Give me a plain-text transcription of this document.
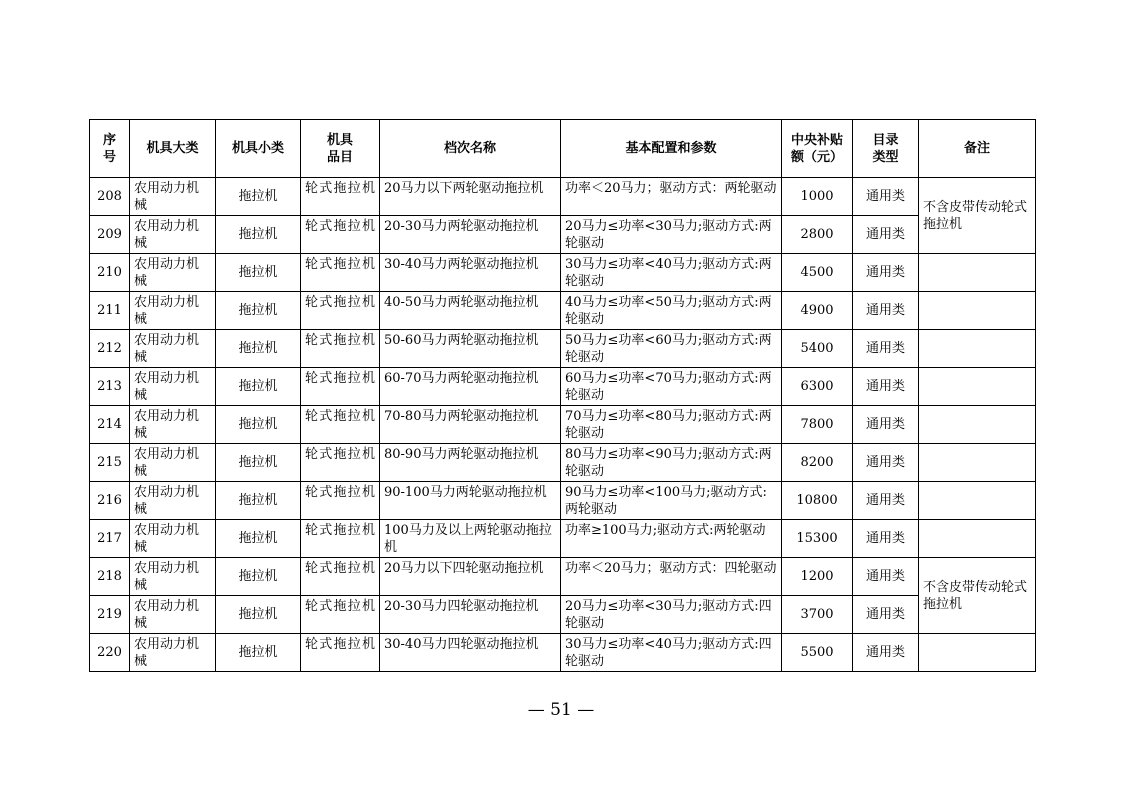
序号	机具大类	机具小类	机具品目	档次名称	基本配置和参数	中央补贴额（元）	目录类型	备注

208	农用动力机械	拖拉机	轮式拖拉机	20马力以下两轮驱动拖拉机	功率＜20马力；驱动方式：两轮驱动	1000	通用类	不含皮带传动轮式拖拉机

209	农用动力机械	拖拉机	轮式拖拉机	20-30马力两轮驱动拖拉机	20马力≤功率<30马力;驱动方式:两轮驱动	2800	通用类	

210	农用动力机械	拖拉机	轮式拖拉机	30-40马力两轮驱动拖拉机	30马力≤功率<40马力;驱动方式:两轮驱动	4500	通用类	

211	农用动力机械	拖拉机	轮式拖拉机	40-50马力两轮驱动拖拉机	40马力≤功率<50马力;驱动方式:两轮驱动	4900	通用类	

212	农用动力机械	拖拉机	轮式拖拉机	50-60马力两轮驱动拖拉机	50马力≤功率<60马力;驱动方式:两轮驱动	5400	通用类	

213	农用动力机械	拖拉机	轮式拖拉机	60-70马力两轮驱动拖拉机	60马力≤功率<70马力;驱动方式:两轮驱动	6300	通用类	

214	农用动力机械	拖拉机	轮式拖拉机	70-80马力两轮驱动拖拉机	70马力≤功率<80马力;驱动方式:两轮驱动	7800	通用类	

215	农用动力机械	拖拉机	轮式拖拉机	80-90马力两轮驱动拖拉机	80马力≤功率<90马力;驱动方式:两轮驱动	8200	通用类	

216	农用动力机械	拖拉机	轮式拖拉机	90-100马力两轮驱动拖拉机	90马力≤功率<100马力;驱动方式:两轮驱动	10800	通用类	

217	农用动力机械	拖拉机	轮式拖拉机	100马力及以上两轮驱动拖拉机	功率≥100马力;驱动方式:两轮驱动	15300	通用类	

218	农用动力机械	拖拉机	轮式拖拉机	20马力以下四轮驱动拖拉机	功率＜20马力；驱动方式：四轮驱动	1200	通用类	不含皮带传动轮式拖拉机

219	农用动力机械	拖拉机	轮式拖拉机	20-30马力四轮驱动拖拉机	20马力≤功率<30马力;驱动方式:四轮驱动	3700	通用类	

220	农用动力机械	拖拉机	轮式拖拉机	30-40马力四轮驱动拖拉机	30马力≤功率<40马力;驱动方式:四轮驱动	5500	通用类	
— 51 —
